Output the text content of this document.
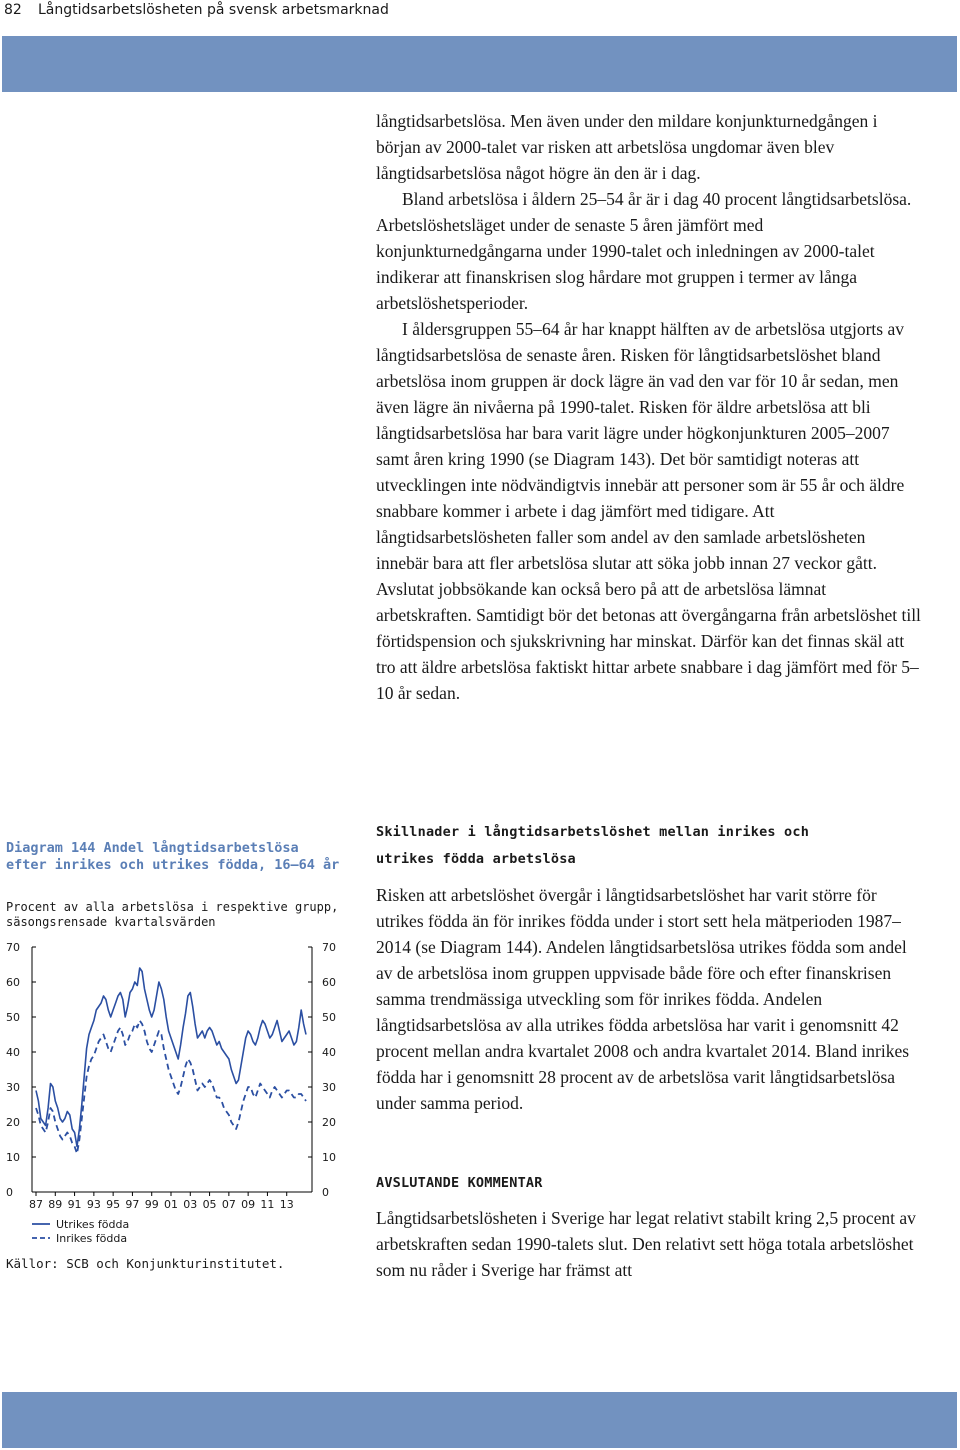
82 Långtidsarbetslösheten på svensk arbetsmarknad

långtidsarbetslösa. Men även under den mildare konjunkturnedgången i början av 2000-talet var risken att arbetslösa ungdomar även blev långtidsarbetslösa något högre än den är i dag.

Bland arbetslösa i åldern 25‒54 år är i dag 40 procent långtidsarbetslösa. Arbetslöshetsläget under de senaste 5 åren jämfört med konjunkturnedgångarna under 1990-talet och inledningen av 2000-talet indikerar att finanskrisen slog hårdare mot gruppen i termer av långa arbetslöshetsperioder.

I åldersgruppen 55‒64 år har knappt hälften av de arbetslösa utgjorts av långtidsarbetslösa de senaste åren. Risken för långtidsarbetslöshet bland arbetslösa inom gruppen är dock lägre än vad den var för 10 år sedan, men även lägre än nivåerna på 1990-talet. Risken för äldre arbetslösa att bli långtidsarbetslösa har bara varit lägre under högkonjunkturen 2005‒2007 samt åren kring 1990 (se Diagram 143). Det bör samtidigt noteras att utvecklingen inte nödvändigtvis innebär att personer som är 55 år och äldre snabbare kommer i arbete i dag jämfört med tidigare. Att långtidsarbetslösheten faller som andel av den samlade arbetslösheten innebär bara att fler arbetslösa slutar att söka jobb innan 27 veckor gått. Avslutat jobbsökande kan också bero på att de arbetslösa lämnat arbetskraften. Samtidigt bör det betonas att övergångarna från arbetslöshet till förtidspension och sjukskrivning har minskat. Därför kan det finnas skäl att tro att äldre arbetslösa faktiskt hittar arbete snabbare i dag jämfört med för 5‒10 år sedan.

Skillnader i långtidsarbetslöshet mellan inrikes och utrikes födda arbetslösa

Risken att arbetslöshet övergår i långtidsarbetslöshet har varit större för utrikes födda än för inrikes födda under i stort sett hela mätperioden 1987‒2014 (se Diagram 144). Andelen långtidsarbetslösa utrikes födda som andel av de arbetslösa inom gruppen uppvisade både före och efter finanskrisen samma trendmässiga utveckling som för inrikes födda. Andelen långtidsarbetslösa av alla utrikes födda arbetslösa har varit i genomsnitt 42 procent mellan andra kvartalet 2008 och andra kvartalet 2014. Bland inrikes födda har i genomsnitt 28 procent av de arbetslösa varit långtidsarbetslösa under samma period.

AVSLUTANDE KOMMENTAR

Långtidsarbetslösheten i Sverige har legat relativt stabilt kring 2,5 procent av arbetskraften sedan 1990-talets slut. Den relativt sett höga totala arbetslöshet som nu råder i Sverige har främst att

Diagram 144 Andel långtidsarbetslösa efter inrikes och utrikes födda, 16‒64 år
Procent av alla arbetslösa i respektive grupp, säsongsrensade kvartalsvärden
0	0
10	10
20	20
30	30
40	40
50	50
60	60
70	70
87 89 91 93 95 97 99 01 03 05 07 09 11 13
Utrikes födda
Inrikes födda
Källor: SCB och Konjunkturinstitutet.
